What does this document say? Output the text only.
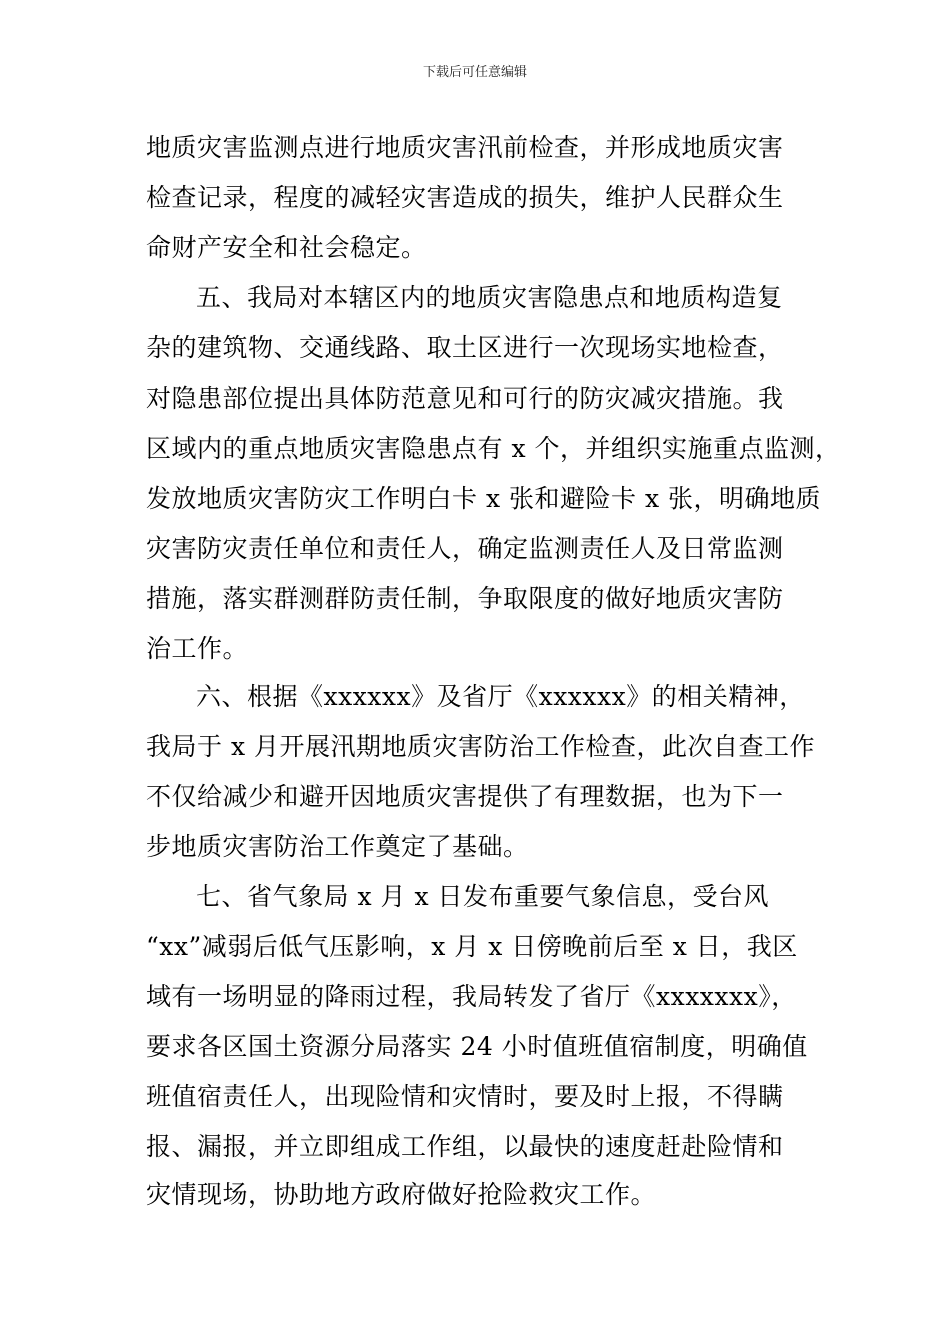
下载后可任意编辑
地质灾害监测点进行地质灾害汛前检查，并形成地质灾害
检查记录，程度的减轻灾害造成的损失，维护人民群众生
命财产安全和社会稳定。
五、我局对本辖区内的地质灾害隐患点和地质构造复
杂的建筑物、交通线路、取土区进行一次现场实地检查，
对隐患部位提出具体防范意见和可行的防灾减灾措施。我
区域内的重点地质灾害隐患点有 x 个，并组织实施重点监测，
发放地质灾害防灾工作明白卡 x 张和避险卡 x 张，明确地质
灾害防灾责任单位和责任人，确定监测责任人及日常监测
措施，落实群测群防责任制，争取限度的做好地质灾害防
治工作。
六、根据《xxxxxx》及省厅《xxxxxx》的相关精神，
我局于 x 月开展汛期地质灾害防治工作检查，此次自查工作
不仅给减少和避开因地质灾害提供了有理数据，也为下一
步地质灾害防治工作奠定了基础。
七、省气象局 x 月 x 日发布重要气象信息，受台风
“xx”减弱后低气压影响，x 月 x 日傍晚前后至 x 日，我区
域有一场明显的降雨过程，我局转发了省厅《xxxxxxx》，
要求各区国土资源分局落实 24 小时值班值宿制度，明确值
班值宿责任人，出现险情和灾情时，要及时上报，不得瞒
报、漏报，并立即组成工作组，以最快的速度赶赴险情和
灾情现场，协助地方政府做好抢险救灾工作。
